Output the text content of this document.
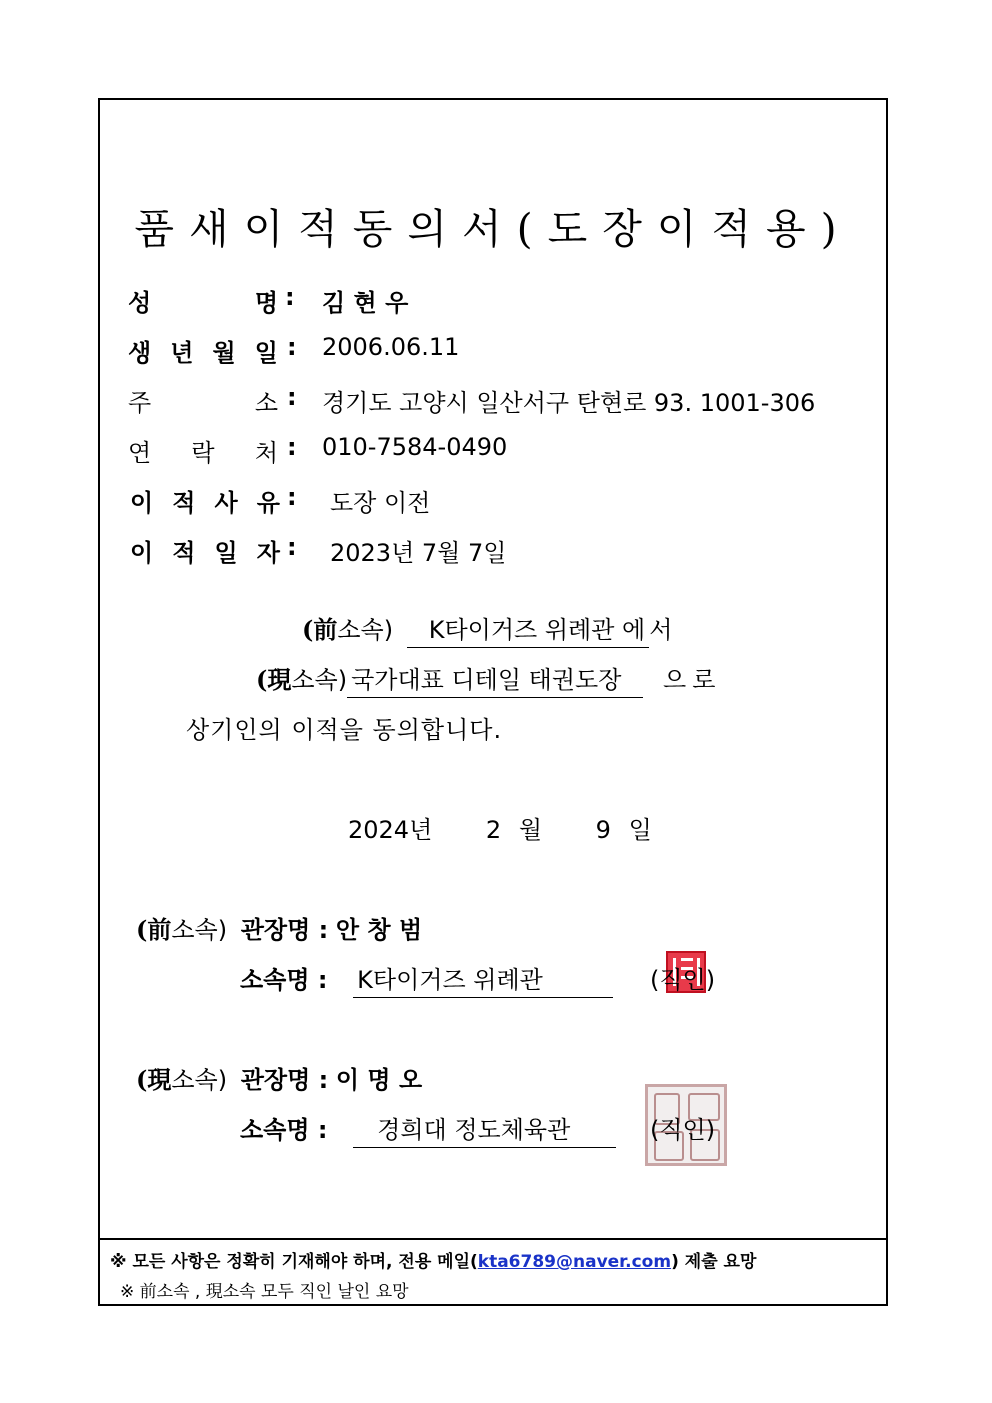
품새이적동의서(도장이적용)
성	명 : 김 현 우
생 년 월 일 : 2006.06.11
주	소 : 경기도 고양시 일산서구 탄현로 93. 1001-306
연 락 처 : 010-7584-0490
이 적 사 유 : 도장 이전
이 적 일 자 : 2023년 7월 7일
(前소속) K타이거즈 위례관 에 서
(現소속) 국가대표 디테일 태권도장 으로
상기인의 이적을 동의합니다.
2024년 2 월 9 일
(前소속) 관장명 : 안 창 범
소속명 : K타이거즈 위례관	(직인)
(現소속) 관장명 : 이 명 오
소속명 : 경희대 정도체육관	(직인)
※ 모든 사항은 정확히 기재해야 하며, 전용 메일(kta6789@naver.com) 제출 요망
※ 前소속 , 現소속 모두 직인 날인 요망
